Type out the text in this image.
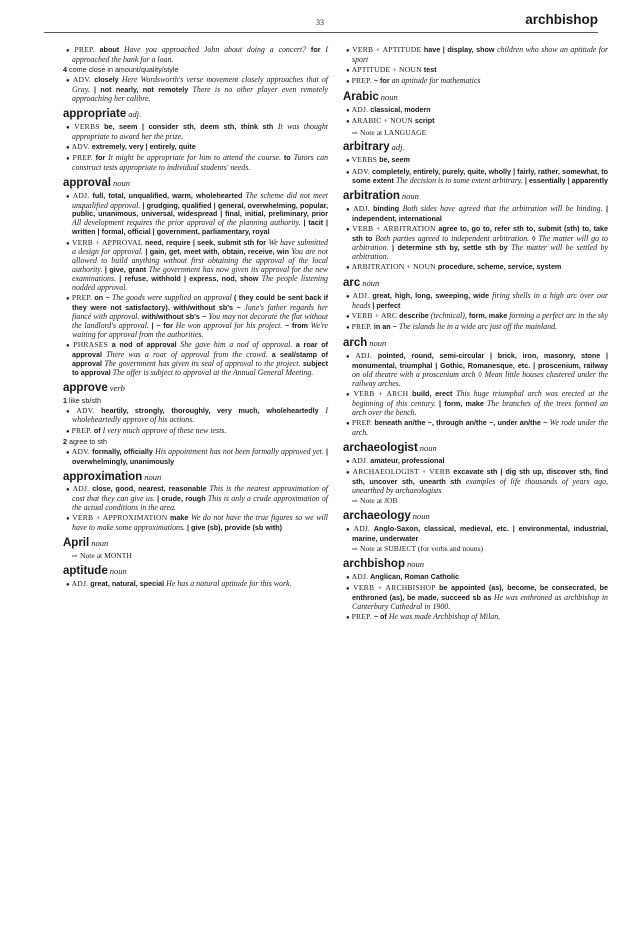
33	archbishop
● PREP. about Have you approached John about doing a concert? for I approached the bank for a loan.
4 come close in amount/quality/style
● ADV. closely Here Wordsworth's verse movement closely approaches that of Gray. | not nearly, not remotely There is no other player even remotely approaching her calibre.
appropriate adj.
● VERBS be, seem | consider sth, deem sth, think sth It was thought appropriate to award her the prize.
● ADV. extremely, very | entirely, quite
● PREP. for It might be appropriate for him to attend the course. to Tutors can construct tests appropriate to individual students' needs.
approval noun
● ADJ. full, total, unqualified, warm, wholehearted The scheme did not meet unqualified approval. | grudging, qualified | general, overwhelming, popular, public, unanimous, universal, widespread | final, initial, preliminary, prior All development requires the prior approval of the planning authority. | tacit | written | formal, official | government, parliamentary, royal
● VERB + APPROVAL need, require | seek, submit sth for We have submitted a design for approval. | gain, get, meet with, obtain, receive, win You are not allowed to build anything without first obtaining the approval of the local authority. | give, grant The government has now given its approval for the new examinations. | refuse, withhold | express, nod, show The people listening nodded approval.
● PREP. on ~ The goods were supplied on approval ( they could be sent back if they were not satisfactory). with/without sb's ~ June's father regards her fiancé with approval. with/without sb's ~ You may not decorate the flat without the landlord's approval. | ~ for He won approval for his project. ~ from We're waiting for approval from the authorities.
● PHRASES a nod of approval She gave him a nod of approval. a roar of approval There was a roar of approval from the crowd. a seal/stamp of approval The government has given its seal of approval to the project. subject to approval The offer is subject to approval at the Annual General Meeting.
approve verb
1 like sb/sth
● ADV. heartily, strongly, thoroughly, very much, wholeheartedly I wholeheartedly approve of his actions.
● PREP. of I very much approve of these new tests.
2 agree to sth
● ADV. formally, officially His appointment has not been formally approved yet. | overwhelmingly, unanimously
approximation noun
● ADJ. close, good, nearest, reasonable This is the nearest approximation of cost that they can give us. | crude, rough This is only a crude approximation of the actual conditions in the area.
● VERB + APPROXIMATION make We do not have the true figures so we will have to make some approximations. | give (sb), provide (sb with)
April noun
⇨ Note at MONTH
aptitude noun
● ADJ. great, natural, special He has a natural aptitude for this work.
● VERB + APTITUDE have | display, show children who show an aptitude for sport
● APTITUDE + NOUN test
● PREP. ~ for an aptitude for mathematics
Arabic noun
● ADJ. classical, modern
● ARABIC + NOUN script
⇨ Note at LANGUAGE
arbitrary adj.
● VERBS be, seem
● ADV. completely, entirely, purely, quite, wholly | fairly, rather, somewhat, to some extent The decision is to some extent arbitrary. | essentially | apparently
arbitration noun
● ADJ. binding Both sides have agreed that the arbitration will be binding. | independent, international
● VERB + ARBITRATION agree to, go to, refer sth to, submit (sth) to, take sth to Both parties agreed to independent arbitration. ◊ The matter will go to arbitration. | determine sth by, settle sth by The matter will be settled by arbitration.
● ARBITRATION + NOUN procedure, scheme, service, system
arc noun
● ADJ. great, high, long, sweeping, wide firing shells in a high arc over our heads | perfect
● VERB + ARC describe (technical), form, make forming a perfect arc in the sky
● PREP. in an ~ The islands lie in a wide arc just off the mainland.
arch noun
● ADJ. pointed, round, semi-circular | brick, iron, masonry, stone | monumental, triumphal | Gothic, Romanesque, etc. | proscenium, railway on old theatre with a proscenium arch ◊ Mean little houses clustered under the railway arches.
● VERB + ARCH build, erect This huge triumphal arch was erected at the beginning of this century. | form, make The branches of the trees formed an arch over the bench.
● PREP. beneath an/the ~, through an/the ~, under an/the ~ We rode under the arch.
archaeologist noun
● ADJ. amateur, professional
● ARCHAEOLOGIST + VERB excavate sth | dig sth up, discover sth, find sth, uncover sth, unearth sth examples of life thousands of years ago, unearthed by archaeologists
⇨ Note at JOB
archaeology noun
● ADJ. Anglo-Saxon, classical, medieval, etc. | environmental, industrial, marine, underwater
⇨ Note at SUBJECT (for verbs and nouns)
archbishop noun
● ADJ. Anglican, Roman Catholic
● VERB + ARCHBISHOP be appointed (as), become, be consecrated, be enthroned (as), be made, succeed sb as He was enthroned as archbishop in Canterbury Cathedral in 1900.
● PREP. ~ of He was made Archbishop of Milan.
